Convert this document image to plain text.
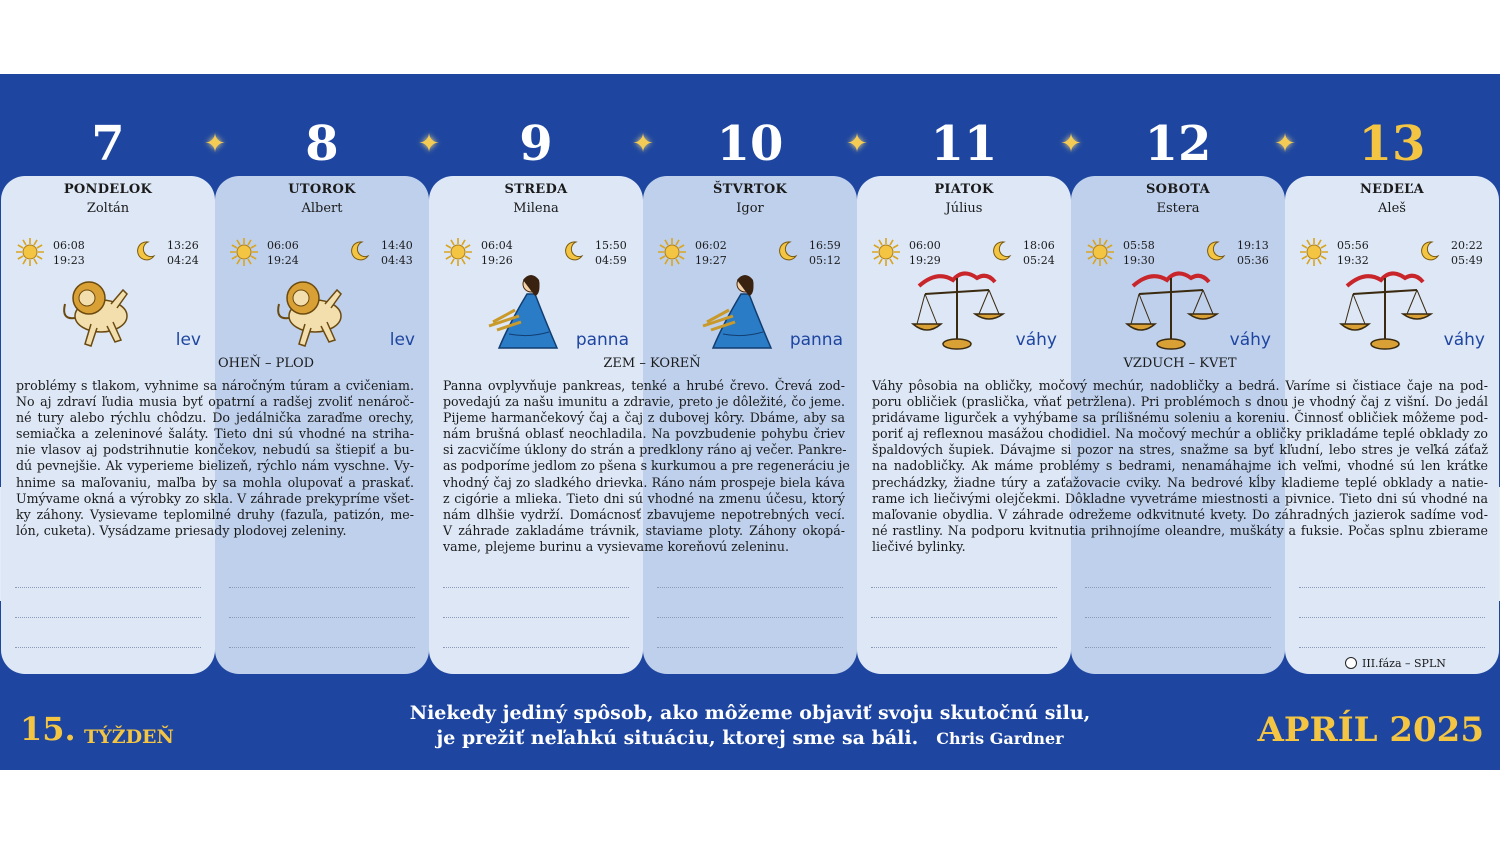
PONDELOK
Zoltán
06:08
19:23
13:26
04:24
lev
UTOROK
Albert
06:06
19:24
14:40
04:43
lev
STREDA
Milena
06:04
19:26
15:50
04:59
panna
ŠTVRTOK
Igor
06:02
19:27
16:59
05:12
panna
PIATOK
Július
06:00
19:29
18:06
05:24
váhy
SOBOTA
Estera
05:58
19:30
19:13
05:36
váhy
NEDEĽA
Aleš
05:56
19:32
20:22
05:49
váhy
OHEŇ – PLOD	ZEM – KOREŇ	VZDUCH – KVET
problémy s tlakom, vyhnime sa náročným túram a cvičeniam.
No aj zdraví ľudia musia byť opatrní a radšej zvoliť nenároč-
né tury alebo rýchlu chôdzu. Do jedálnička zaraďme orechy,
semiačka a zeleninové šaláty. Tieto dni sú vhodné na striha-
nie vlasov aj podstrihnutie končekov, nebudú sa štiepiť a bu-
dú pevnejšie. Ak vyperieme bielizeň, rýchlo nám vyschne. Vy-
hnime sa maľovaniu, maľba by sa mohla olupovať a praskať.
Umývame okná a výrobky zo skla. V záhrade prekypríme všet-
ky záhony. Vysievame teplomilné druhy (fazuľa, patizón, me-
lón, cuketa). Vysádzame priesady plodovej zeleniny.
Panna ovplyvňuje pankreas, tenké a hrubé črevo. Črevá zod-
povedajú za našu imunitu a zdravie, preto je dôležité, čo jeme.
Pijeme harmančekový čaj a čaj z dubovej kôry. Dbáme, aby sa
nám brušná oblasť neochladila. Na povzbudenie pohybu čriev
si zacvičíme úklony do strán a predklony ráno aj večer. Pankre-
as podporíme jedlom zo pšena s kurkumou a pre regeneráciu je
vhodný čaj zo sladkého drievka. Ráno nám prospeje biela káva
z cigórie a mlieka. Tieto dni sú vhodné na zmenu účesu, ktorý
nám dlhšie vydrží. Domácnosť zbavujeme nepotrebných vecí.
V záhrade zakladáme trávnik, staviame ploty. Záhony okopá-
vame, plejeme burinu a vysievame koreňovú zeleninu.
Váhy pôsobia na obličky, močový mechúr, nadobličky a bedrá. Varíme si čistiace čaje na pod-
poru obličiek (praslička, vňať petržlena). Pri problémoch s dnou je vhodný čaj z višní. Do jedál
pridávame ligurček a vyhýbame sa prílišnému soleniu a koreniu. Činnosť obličiek môžeme pod-
poriť aj reflexnou masážou chodidiel. Na močový mechúr a obličky prikladáme teplé obklady zo
špaldových šupiek. Dávajme si pozor na stres, snažme sa byť kľudní, lebo stres je veľká záťaž
na nadobličky. Ak máme problémy s bedrami, nenamáhajme ich veľmi, vhodné sú len krátke
prechádzky, žiadne túry a zaťažovacie cviky. Na bedrové kĺby kladieme teplé obklady a natie-
rame ich liečivými olejčekmi. Dôkladne vyvetráme miestnosti a pivnice. Tieto dni sú vhodné na
maľovanie obydlia. V záhrade odrežeme odkvitnuté kvety. Do záhradných jazierok sadíme vod-
né rastliny. Na podporu kvitnutia prihnojíme oleandre, muškáty a fuksie. Počas splnu zbierame
liečivé bylinky.
III.fáza – SPLN
15. TÝŽDEŇ
Niekedy jediný spôsob, ako môžeme objaviť svoju skutočnú silu,
je prežiť neľahkú situáciu, ktorej sme sa báli. Chris Gardner	APRÍL 2025
7	✦	8	✦	9	✦	10	✦	11	✦	12	✦	13
